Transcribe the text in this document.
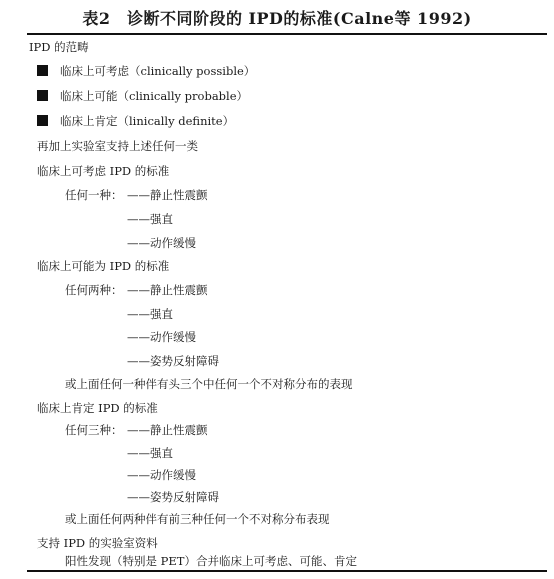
表2　诊断不同阶段的 IPD的标准(Calne等 1992)
IPD 的范畴
临床上可考虑（clinically possible）
临床上可能（clinically probable）
临床上肯定（linically definite）
再加上实验室支持上述任何一类
临床上可考虑 IPD 的标准
任何一种： ——静止性震颤
——强直
——动作缓慢
临床上可能为 IPD 的标准
任何两种： ——静止性震颤
——强直
——动作缓慢
——姿势反射障碍
或上面任何一种伴有头三个中任何一个不对称分布的表现
临床上肯定 IPD 的标准
任何三种： ——静止性震颤
——强直
——动作缓慢
——姿势反射障碍
或上面任何两种伴有前三种任何一个不对称分布表现
支持 IPD 的实验室资料
阳性发现（特别是 PET）合并临床上可考虑、可能、肯定
